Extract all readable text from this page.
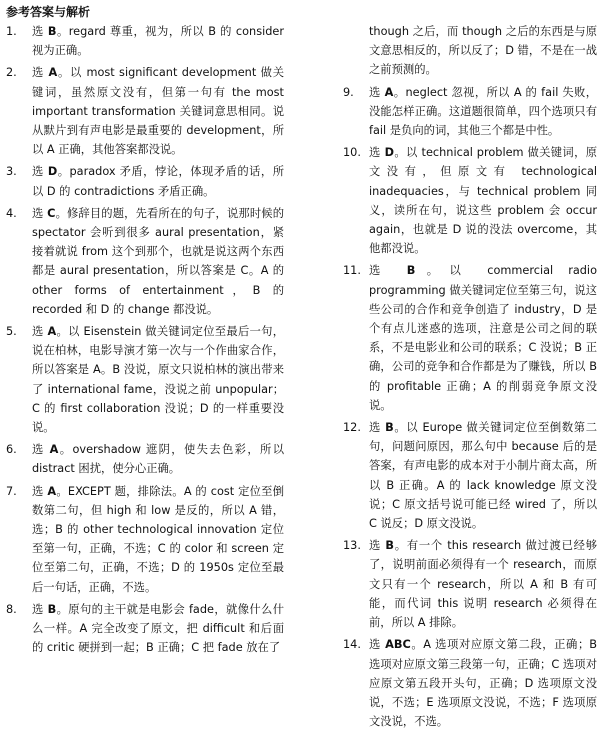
参考答案与解析
1.	选 B。regard 尊重，视为，所以 B 的 consider 视为正确。
2.	选 A。以 most significant development 做关键词，虽然原文没有，但第一句有 the most important transformation 关键词意思相同。说从默片到有声电影是最重要的 development，所以 A 正确，其他答案都没说。
3.	选 D。paradox 矛盾，悖论，体现矛盾的话，所以 D 的 contradictions 矛盾正确。
4.	选 C。修辞目的题，先看所在的句子，说那时候的 spectator 会听到很多 aural presentation，紧接着就说 from 这个到那个，也就是说这两个东西都是 aural presentation，所以答案是 C。A 的 other forms of entertainment，B 的 recorded 和 D 的 change 都没说。
5.	选 A。以 Eisenstein 做关键词定位至最后一句，说在柏林，电影导演才第一次与一个作曲家合作，所以答案是 A。B 没说，原文只说柏林的演出带来了 international fame，没说之前 unpopular；C 的 first collaboration 没说；D 的一样重要没说。
6.	选 A。overshadow 遮阴，使失去色彩，所以 distract 困扰，使分心正确。
7.	选 A。EXCEPT 题，排除法。A 的 cost 定位至倒数第二句，但 high 和 low 是反的，所以 A 错，选；B 的 other technological innovation 定位至第一句，正确，不选；C 的 color 和 screen 定位至第二句，正确，不选；D 的 1950s 定位至最后一句话，正确，不选。
8.	选 B。原句的主干就是电影会 fade，就像什么什么一样。A 完全改变了原文，把 difficult 和后面的 critic 硬拼到一起；B 正确；C 把 fade 放在了
though 之后，而 though 之后的东西是与原文意思相反的，所以反了；D 错，不是在一战之前预测的。
9.	选 A。neglect 忽视，所以 A 的 fail 失败，没能怎样正确。这道题很简单，四个选项只有 fail 是负向的词，其他三个都是中性。
10. 选 D。以 technical problem 做关键词，原文没有，但原文有 technological inadequacies，与 technical problem 同义，读所在句，说这些 problem 会 occur again，也就是 D 说的没法 overcome，其他都没说。
11. 选 B。以 commercial radio programming 做关键词定位至第三句，说这些公司的合作和竞争创造了 industry，D 是个有点儿迷惑的选项，注意是公司之间的联系，不是电影业和公司的联系；C 没说；B 正确，公司的竞争和合作都是为了赚钱，所以 B 的 profitable 正确；A 的削弱竞争原文没说。
12. 选 B。以 Europe 做关键词定位至倒数第二句，问题问原因，那么句中 because 后的是答案，有声电影的成本对于小制片商太高，所以 B 正确。A 的 lack knowledge 原文没说；C 原文括号说可能已经 wired 了，所以 C 说反；D 原文没说。
13. 选 B。有一个 this research 做过渡已经够了，说明前面必须得有一个 research，而原文只有一个 research，所以 A 和 B 有可能，而代词 this 说明 research 必须得在前，所以 A 排除。
14. 选 ABC。A 选项对应原文第二段，正确；B 选项对应原文第三段第一句，正确；C 选项对应原文第五段开头句，正确；D 选项原文没说，不选；E 选项原文没说，不选；F 选项原文没说，不选。
